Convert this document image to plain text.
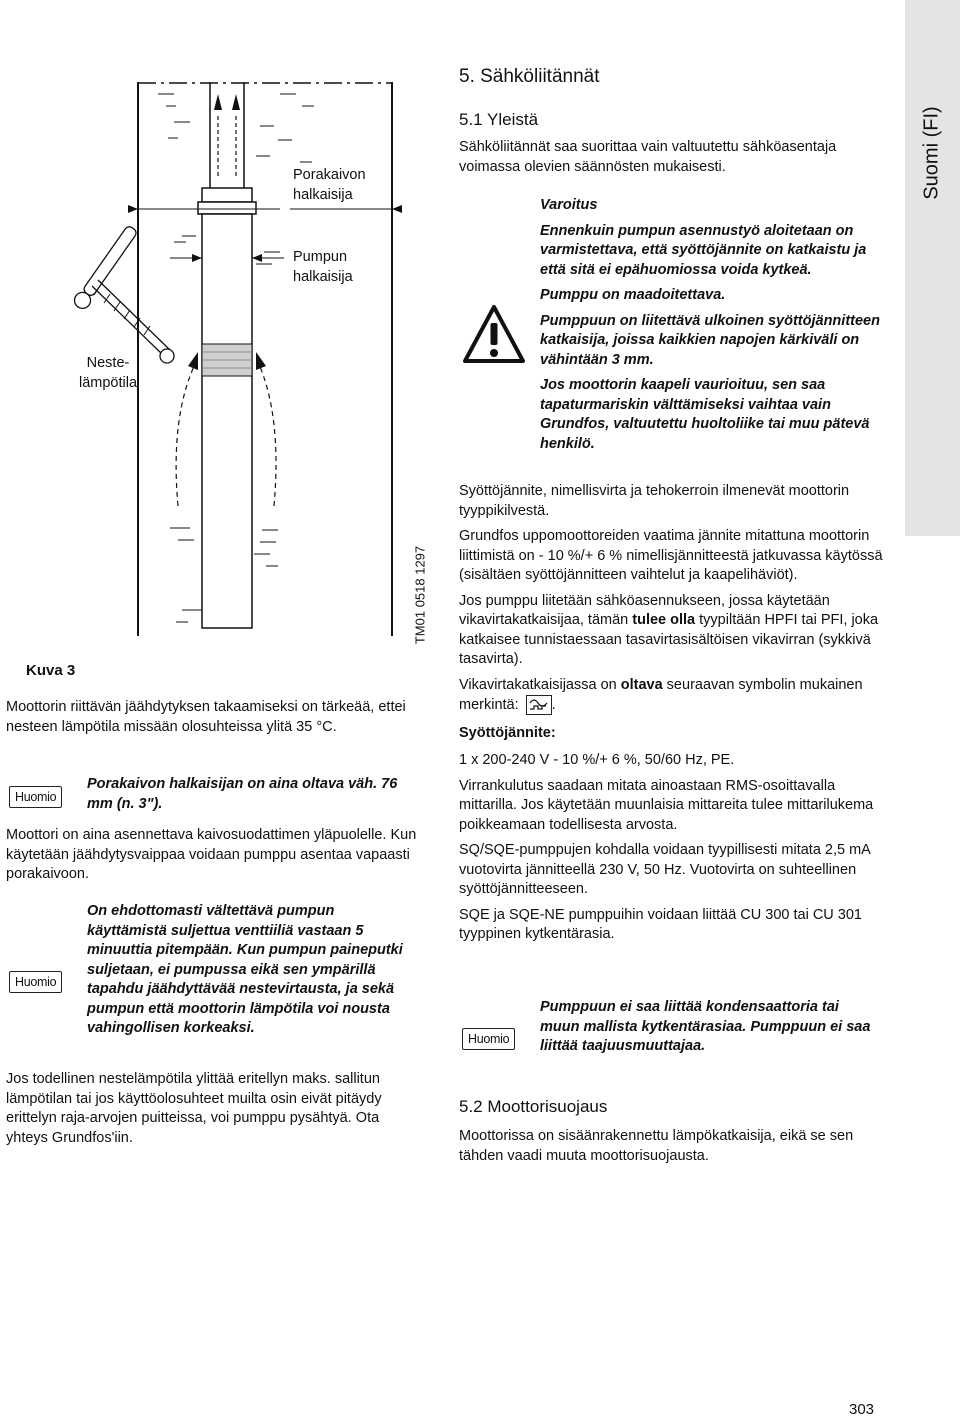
Suomi (FI)
Porakaivon halkaisija
Pumpun halkaisija
Neste-lämpötila
TM01 0518 1297
Kuva 3
Moottorin riittävän jäähdytyksen takaamiseksi on tärkeää, ettei nesteen lämpötila missään olosuhteissa ylitä 35 °C.
Huomio
Porakaivon halkaisijan on aina oltava väh. 76 mm (n. 3").
Moottori on aina asennettava kaivosuodattimen yläpuolelle. Kun käytetään jäähdytysvaippaa voidaan pumppu asentaa vapaasti porakaivoon.
Huomio
On ehdottomasti vältettävä pumpun käyttämistä suljettua venttiiliä vastaan 5 minuuttia pitempään. Kun pumpun paineputki suljetaan, ei pumpussa eikä sen ympärillä tapahdu jäähdyttävää nestevirtausta, ja sekä pumpun että moottorin lämpötila voi nousta vahingollisen korkeaksi.
Jos todellinen nestelämpötila ylittää eritellyn maks. sallitun lämpötilan tai jos käyttöolosuhteet muilta osin eivät pitäydy erittelyn raja-arvojen puitteissa, voi pumppu pysähtyä. Ota yhteys Grundfos'iin.
5. Sähköliitännät
5.1 Yleistä
Sähköliitännät saa suorittaa vain valtuutettu sähköasentaja voimassa olevien säännösten mukaisesti.

Varoitus

Ennenkuin pumpun asennustyö aloitetaan on varmistettava, että syöttöjännite on katkaistu ja että sitä ei epähuomiossa voida kytkeä.

Pumppu on maadoitettava.

Pumppuun on liitettävä ulkoinen syöttöjännitteen katkaisija, joissa kaikkien napojen kärkiväli on vähintään 3 mm.

Jos moottorin kaapeli vaurioituu, sen saa tapaturmariskin välttämiseksi vaihtaa vain Grundfos, valtuutettu huoltoliike tai muu pätevä henkilö.

Syöttöjännite, nimellisvirta ja tehokerroin ilmenevät moottorin tyyppikilvestä.

Grundfos uppomoottoreiden vaatima jännite mitattuna moottorin liittimistä on - 10 %/+ 6 % nimellisjännitteestä jatkuvassa käytössä (sisältäen syöttöjännitteen vaihtelut ja kaapelihäviöt).

Jos pumppu liitetään sähköasennukseen, jossa käytetään vikavirtakatkaisijaa, tämän tulee olla tyypiltään HPFI tai PFI, joka katkaisee tunnistaessaan tasavirtasisältöisen vikavirran (sykkivä tasavirta).

Vikavirtakatkaisijassa on oltava seuraavan symbolin mukainen merkintä: .

Syöttöjännite:

1 x 200-240 V - 10 %/+ 6 %, 50/60 Hz, PE.

Virrankulutus saadaan mitata ainoastaan RMS-osoittavalla mittarilla. Jos käytetään muunlaisia mittareita tulee mittarilukema poikkeamaan todellisesta arvosta.

SQ/SQE-pumppujen kohdalla voidaan tyypillisesti mitata 2,5 mA vuotovirta jännitteellä 230 V, 50 Hz. Vuotovirta on suhteellinen syöttöjännitteeseen.

SQE ja SQE-NE pumppuihin voidaan liittää CU 300 tai CU 301 tyyppinen kytkentärasia.

Huomio
Pumppuun ei saa liittää kondensaattoria tai muun mallista kytkentärasiaa. Pumppuun ei saa liittää taajuusmuuttajaa.
5.2 Moottorisuojaus
Moottorissa on sisäänrakennettu lämpökatkaisija, eikä se sen tähden vaadi muuta moottorisuojausta.
303
